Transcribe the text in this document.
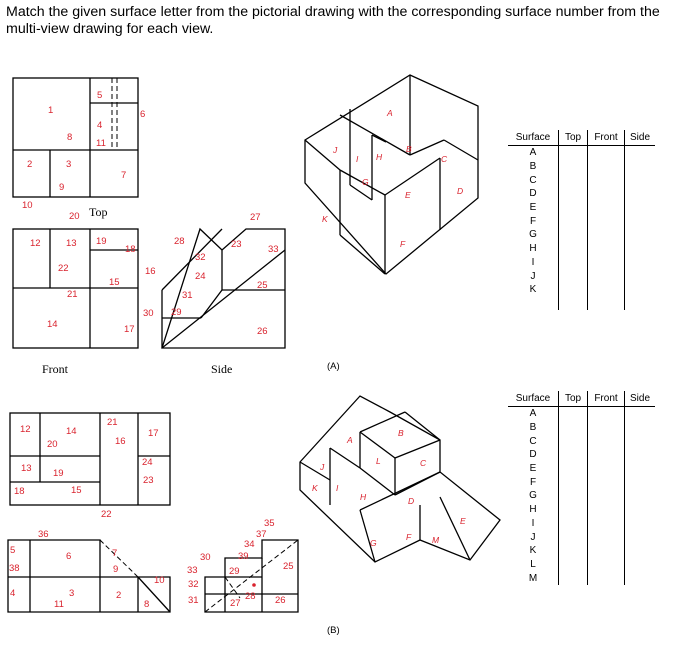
Match the given surface letter from the pictorial drawing with the corresponding surface number from the multi-view drawing for each view.

1
2	3
4
5
6
7
8
9
10
11
12	13
14
15
17
18
19
20
21
22	16
23
24
25
26
27
28
29
30
31
32
33
Top
Front	Side
A
B
C
D
E
F
G
H
I
J
K
(A)
12
13
14
15
16
17
18
19
20
21
22
23
24
2
3
4
5
6	7
8
9
10
11
36
38	25
26
27
28
29
30
31
32
33
34
35
37
39
A
B
C
D
E
F
G
H
I
J
K
L
M
(B)
Surface	Top	Front	Side
A			
B			
C			
D			
E			
F			
G			
H			
I			
J			
K			

Surface	Top	Front	Side
A			
B			
C			
D			
E			
F			
G			
H			
I			
J			
K			
L			
M			
